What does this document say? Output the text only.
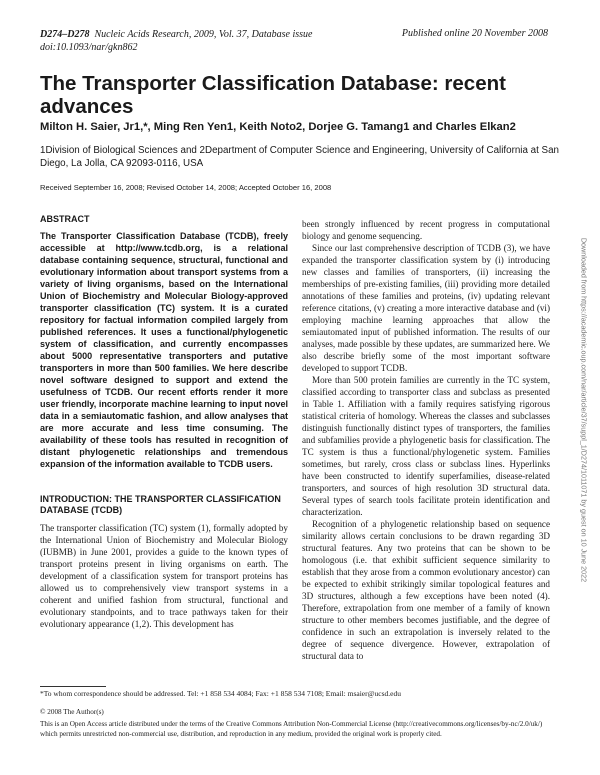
D274–D278 Nucleic Acids Research, 2009, Vol. 37, Database issue
doi:10.1093/nar/gkn862
Published online 20 November 2008
The Transporter Classification Database: recent advances
Milton H. Saier, Jr1,*, Ming Ren Yen1, Keith Noto2, Dorjee G. Tamang1 and Charles Elkan2
1Division of Biological Sciences and 2Department of Computer Science and Engineering, University of California at San Diego, La Jolla, CA 92093-0116, USA
Received September 16, 2008; Revised October 14, 2008; Accepted October 16, 2008
ABSTRACT
The Transporter Classification Database (TCDB), freely accessible at http://www.tcdb.org, is a relational database containing sequence, structural, functional and evolutionary information about transport systems from a variety of living organisms, based on the International Union of Biochemistry and Molecular Biology-approved transporter classification (TC) system. It is a curated repository for factual information compiled largely from published references. It uses a functional/phylogenetic system of classification, and currently encompasses about 5000 representative transporters and putative transporters in more than 500 families. We here describe novel software designed to support and extend the usefulness of TCDB. Our recent efforts render it more user friendly, incorporate machine learning to input novel data in a semiautomatic fashion, and allow analyses that are more accurate and less time consuming. The availability of these tools has resulted in recognition of distant phylogenetic relationships and tremendous expansion of the information available to TCDB users.
INTRODUCTION: THE TRANSPORTER CLASSIFICATION DATABASE (TCDB)

The transporter classification (TC) system (1), formally adopted by the International Union of Biochemistry and Molecular Biology (IUBMB) in June 2001, provides a guide to the known types of transport proteins present in living organisms on earth. The development of a classification system for transport proteins has allowed us to comprehensively view transport systems in a coherent and unified fashion from structural, functional and evolutionary standpoints, and to trace pathways taken for their evolutionary appearance (1,2). This development has

been strongly influenced by recent progress in computational biology and genome sequencing.

Since our last comprehensive description of TCDB (3), we have expanded the transporter classification system by (i) introducing new classes and families of transporters, (ii) increasing the memberships of pre-existing families, (iii) providing more detailed annotations of these families and proteins, (iv) updating relevant reference citations, (v) creating a more interactive database and (vi) employing machine learning approaches that allow the semiautomated input of published information. The results of our analyses, made possible by these updates, are summarized here. We also describe briefly some of the most important software developed to support TCDB.

More than 500 protein families are currently in the TC system, classified according to transporter class and subclass as presented in Table 1. Affiliation with a family requires satisfying rigorous statistical criteria of homology. Whereas the classes and subclasses distinguish functionally distinct types of transporters, the families and subfamilies provide a phylogenetic basis for classification. The TC system is thus a functional/phylogenetic system. Families sometimes, but rarely, cross class or subclass lines. Hyperlinks have been constructed to identify superfamilies, disease-related transporters, and sources of high resolution 3D structural data. Several types of search tools facilitate protein identification and characterization.

Recognition of a phylogenetic relationship based on sequence similarity allows certain conclusions to be drawn regarding 3D structural features. Any two proteins that can be shown to be homologous (i.e. that exhibit sufficient sequence similarity to establish that they arose from a common evolutionary ancestor) can be expected to exhibit strikingly similar topological features and 3D structures, although a few exceptions have been noted (4). Therefore, extrapolation from one member of a family of known structure to other members becomes justifiable, and the degree of confidence in such an extrapolation is inversely related to the degree of sequence divergence. However, extrapolation of structural data to

*To whom correspondence should be addressed. Tel: +1 858 534 4084; Fax: +1 858 534 7108; Email: msaier@ucsd.edu
© 2008 The Author(s)
This is an Open Access article distributed under the terms of the Creative Commons Attribution Non-Commercial License (http://creativecommons.org/licenses/by-nc/2.0/uk/) which permits unrestricted non-commercial use, distribution, and reproduction in any medium, provided the original work is properly cited.
Downloaded from https://academic.oup.com/nar/article/37/suppl_1/D274/1011071 by guest on 10 June 2022
